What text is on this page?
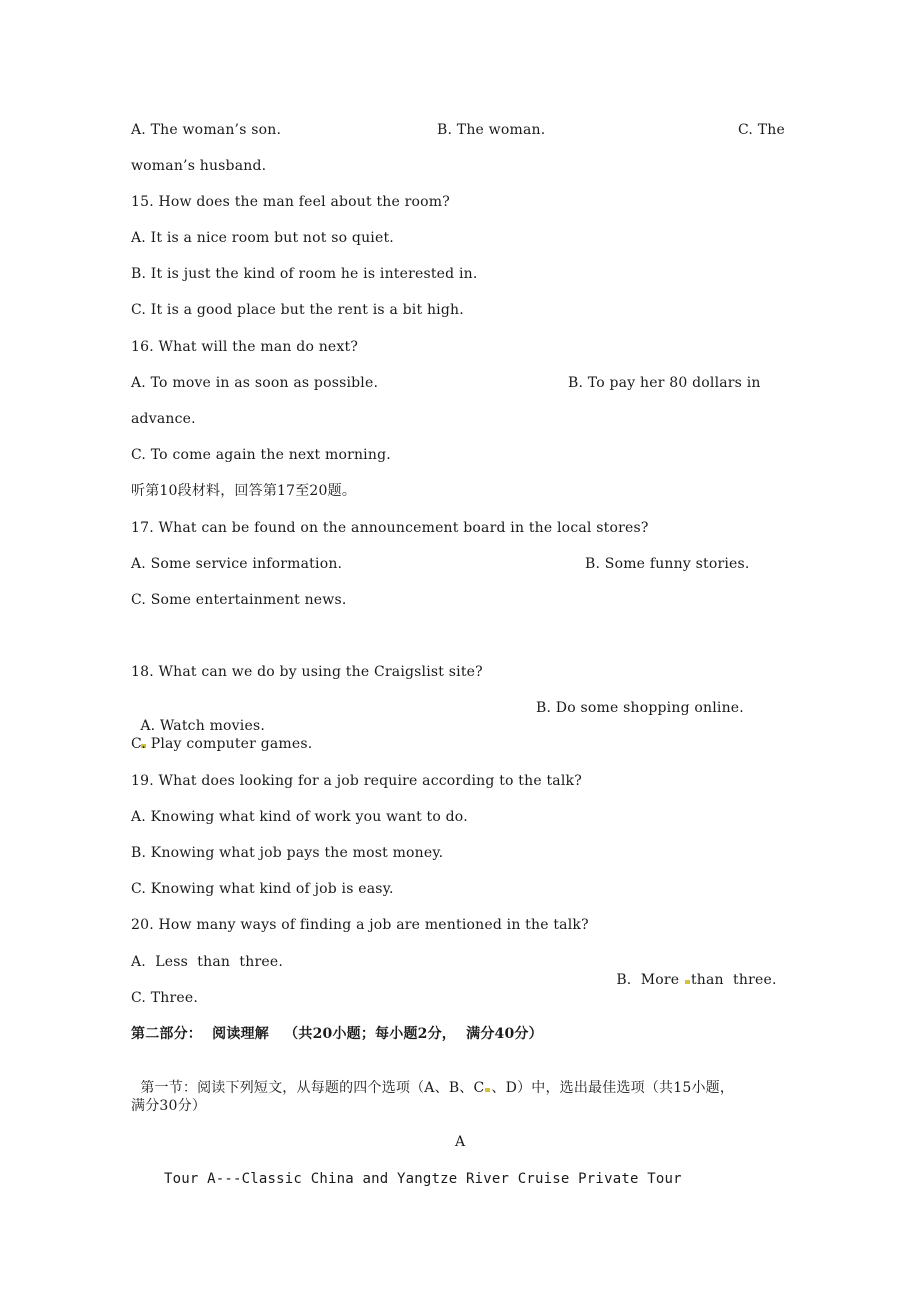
A. The woman’s son.	B. The woman.	C. The
woman’s husband.
15. How does the man feel about the room?
A. It is a nice room but not so quiet.
B. It is just the kind of room he is interested in.
C. It is a good place but the rent is a bit high.
16. What will the man do next?
A. To move in as soon as possible.	B. To pay her 80 dollars in
advance.
C. To come again the next morning.
听第10段材料，回答第17至20题。
17. What can be found on the announcement board in the local stores?
A. Some service information.	B. Some funny stories.
C. Some entertainment news.
18. What can we do by using the Craigslist site?

A. Watch movies.

B. Do some shopping online.
C. Play computer games.
19. What does looking for a job require according to the talk?
A. Knowing what kind of work you want to do.
B. Knowing what job pays the most money.
C. Knowing what kind of job is easy.
20. How many ways of finding a job are mentioned in the talk?
A.  Less  than  three.

B.  More than  three.

C. Three.
第二部分：  阅读理解   （共20小题；每小题2分，  满分40分）

第一节：阅读下列短文，从每题的四个选项（A、B、C 、D）中，选出最佳选项（共15小题，

满分30分）
A
Tour A---Classic China and Yangtze River Cruise Private Tour
